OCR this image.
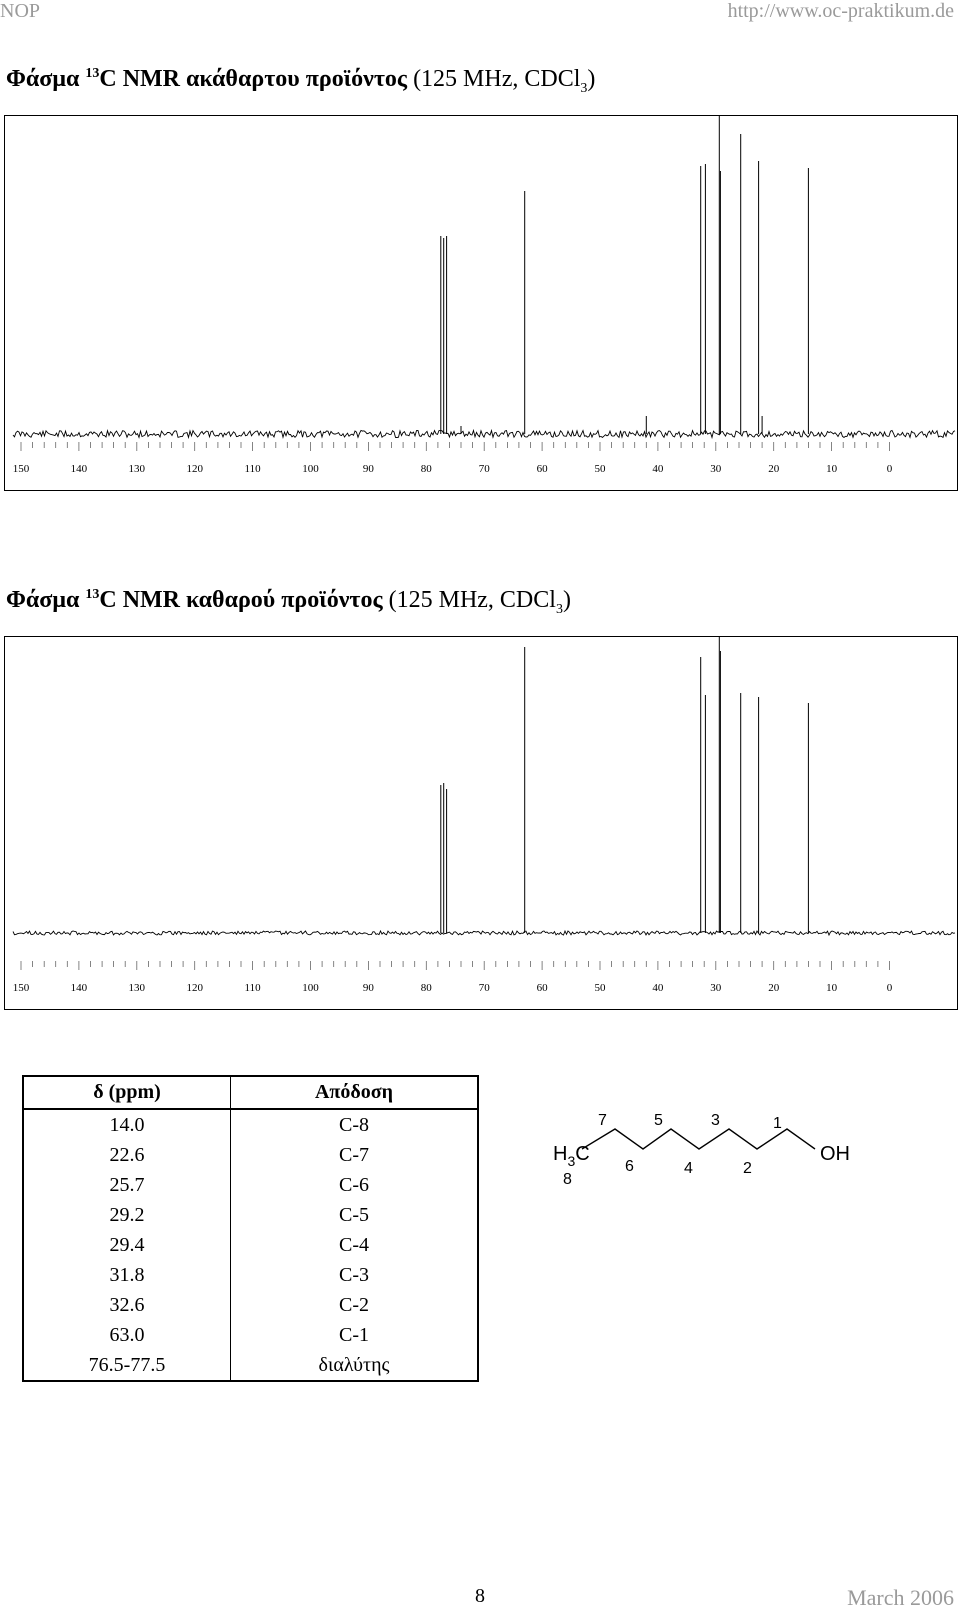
NOP	http://www.oc-praktikum.de
Φάσμα $^{13}$C NMR ακάθαρτου προϊόντος (125 MHz, CDCl$_3$)
150	140	130	120	110	100	90	80	70	60	50	40	30	20	10	0
Φάσμα $^{13}$C NMR καθαρού προϊόντος (125 MHz, CDCl$_3$)
150	140	130	120	110	100	90	80	70	60	50	40	30	20	10	0
δ (ppm)	Απόδοση
14.0	C-8
22.6	C-7
25.7	C-6
29.2	C-5
29.4	C-4
31.8	C-3
32.6	C-2
63.0	C-1
76.5-77.5	διαλύτης
$H_3C$	OH
7	5	3	1
6	4	2
8
8	March 2006
